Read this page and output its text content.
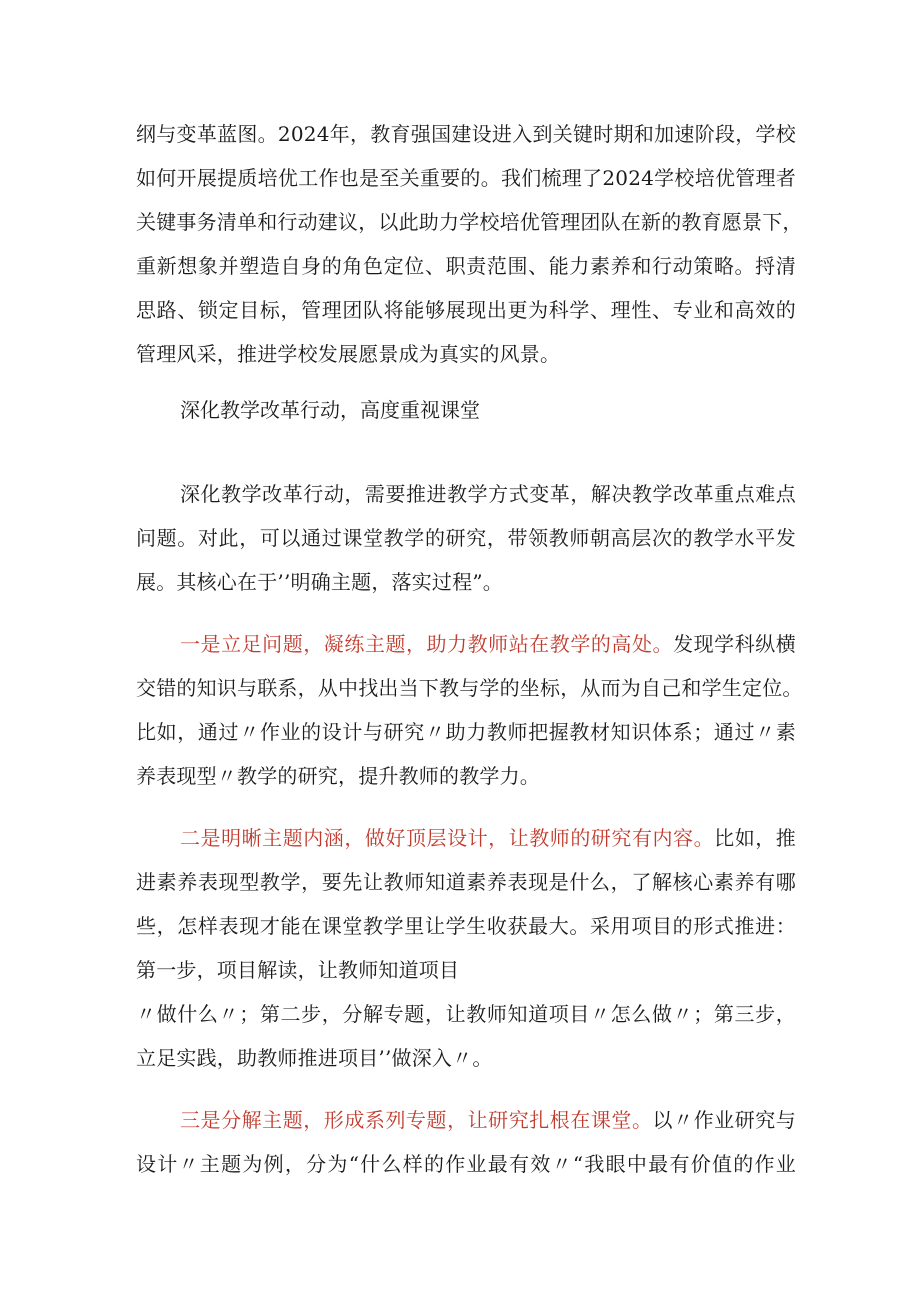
纲与变革蓝图。2024年，教育强国建设进入到关键时期和加速阶段，学校
如何开展提质培优工作也是至关重要的。我们梳理了2024学校培优管理者
关键事务清单和行动建议，以此助力学校培优管理团队在新的教育愿景下，
重新想象并塑造自身的角色定位、职责范围、能力素养和行动策略。捋清
思路、锁定目标，管理团队将能够展现出更为科学、理性、专业和高效的
管理风采，推进学校发展愿景成为真实的风景。
深化教学改革行动，高度重视课堂
深化教学改革行动，需要推进教学方式变革，解决教学改革重点难点
问题。对此，可以通过课堂教学的研究，带领教师朝高层次的教学水平发
展。其核心在于’’明确主题，落实过程”。
一是立足问题，凝练主题，助力教师站在教学的高处。发现学科纵横
交错的知识与联系，从中找出当下教与学的坐标，从而为自己和学生定位。
比如，通过〃作业的设计与研究〃助力教师把握教材知识体系；通过〃素
养表现型〃教学的研究，提升教师的教学力。
二是明晰主题内涵，做好顶层设计，让教师的研究有内容。比如，推
进素养表现型教学，要先让教师知道素养表现是什么，了解核心素养有哪
些，怎样表现才能在课堂教学里让学生收获最大。采用项目的形式推进：
第一步，项目解读，让教师知道项目
〃做什么〃；第二步，分解专题，让教师知道项目〃怎么做〃；第三步，
立足实践，助教师推进项目’’做深入〃。
三是分解主题，形成系列专题，让研究扎根在课堂。以〃作业研究与
设计〃主题为例，分为“什么样的作业最有效〃“我眼中最有价值的作业
